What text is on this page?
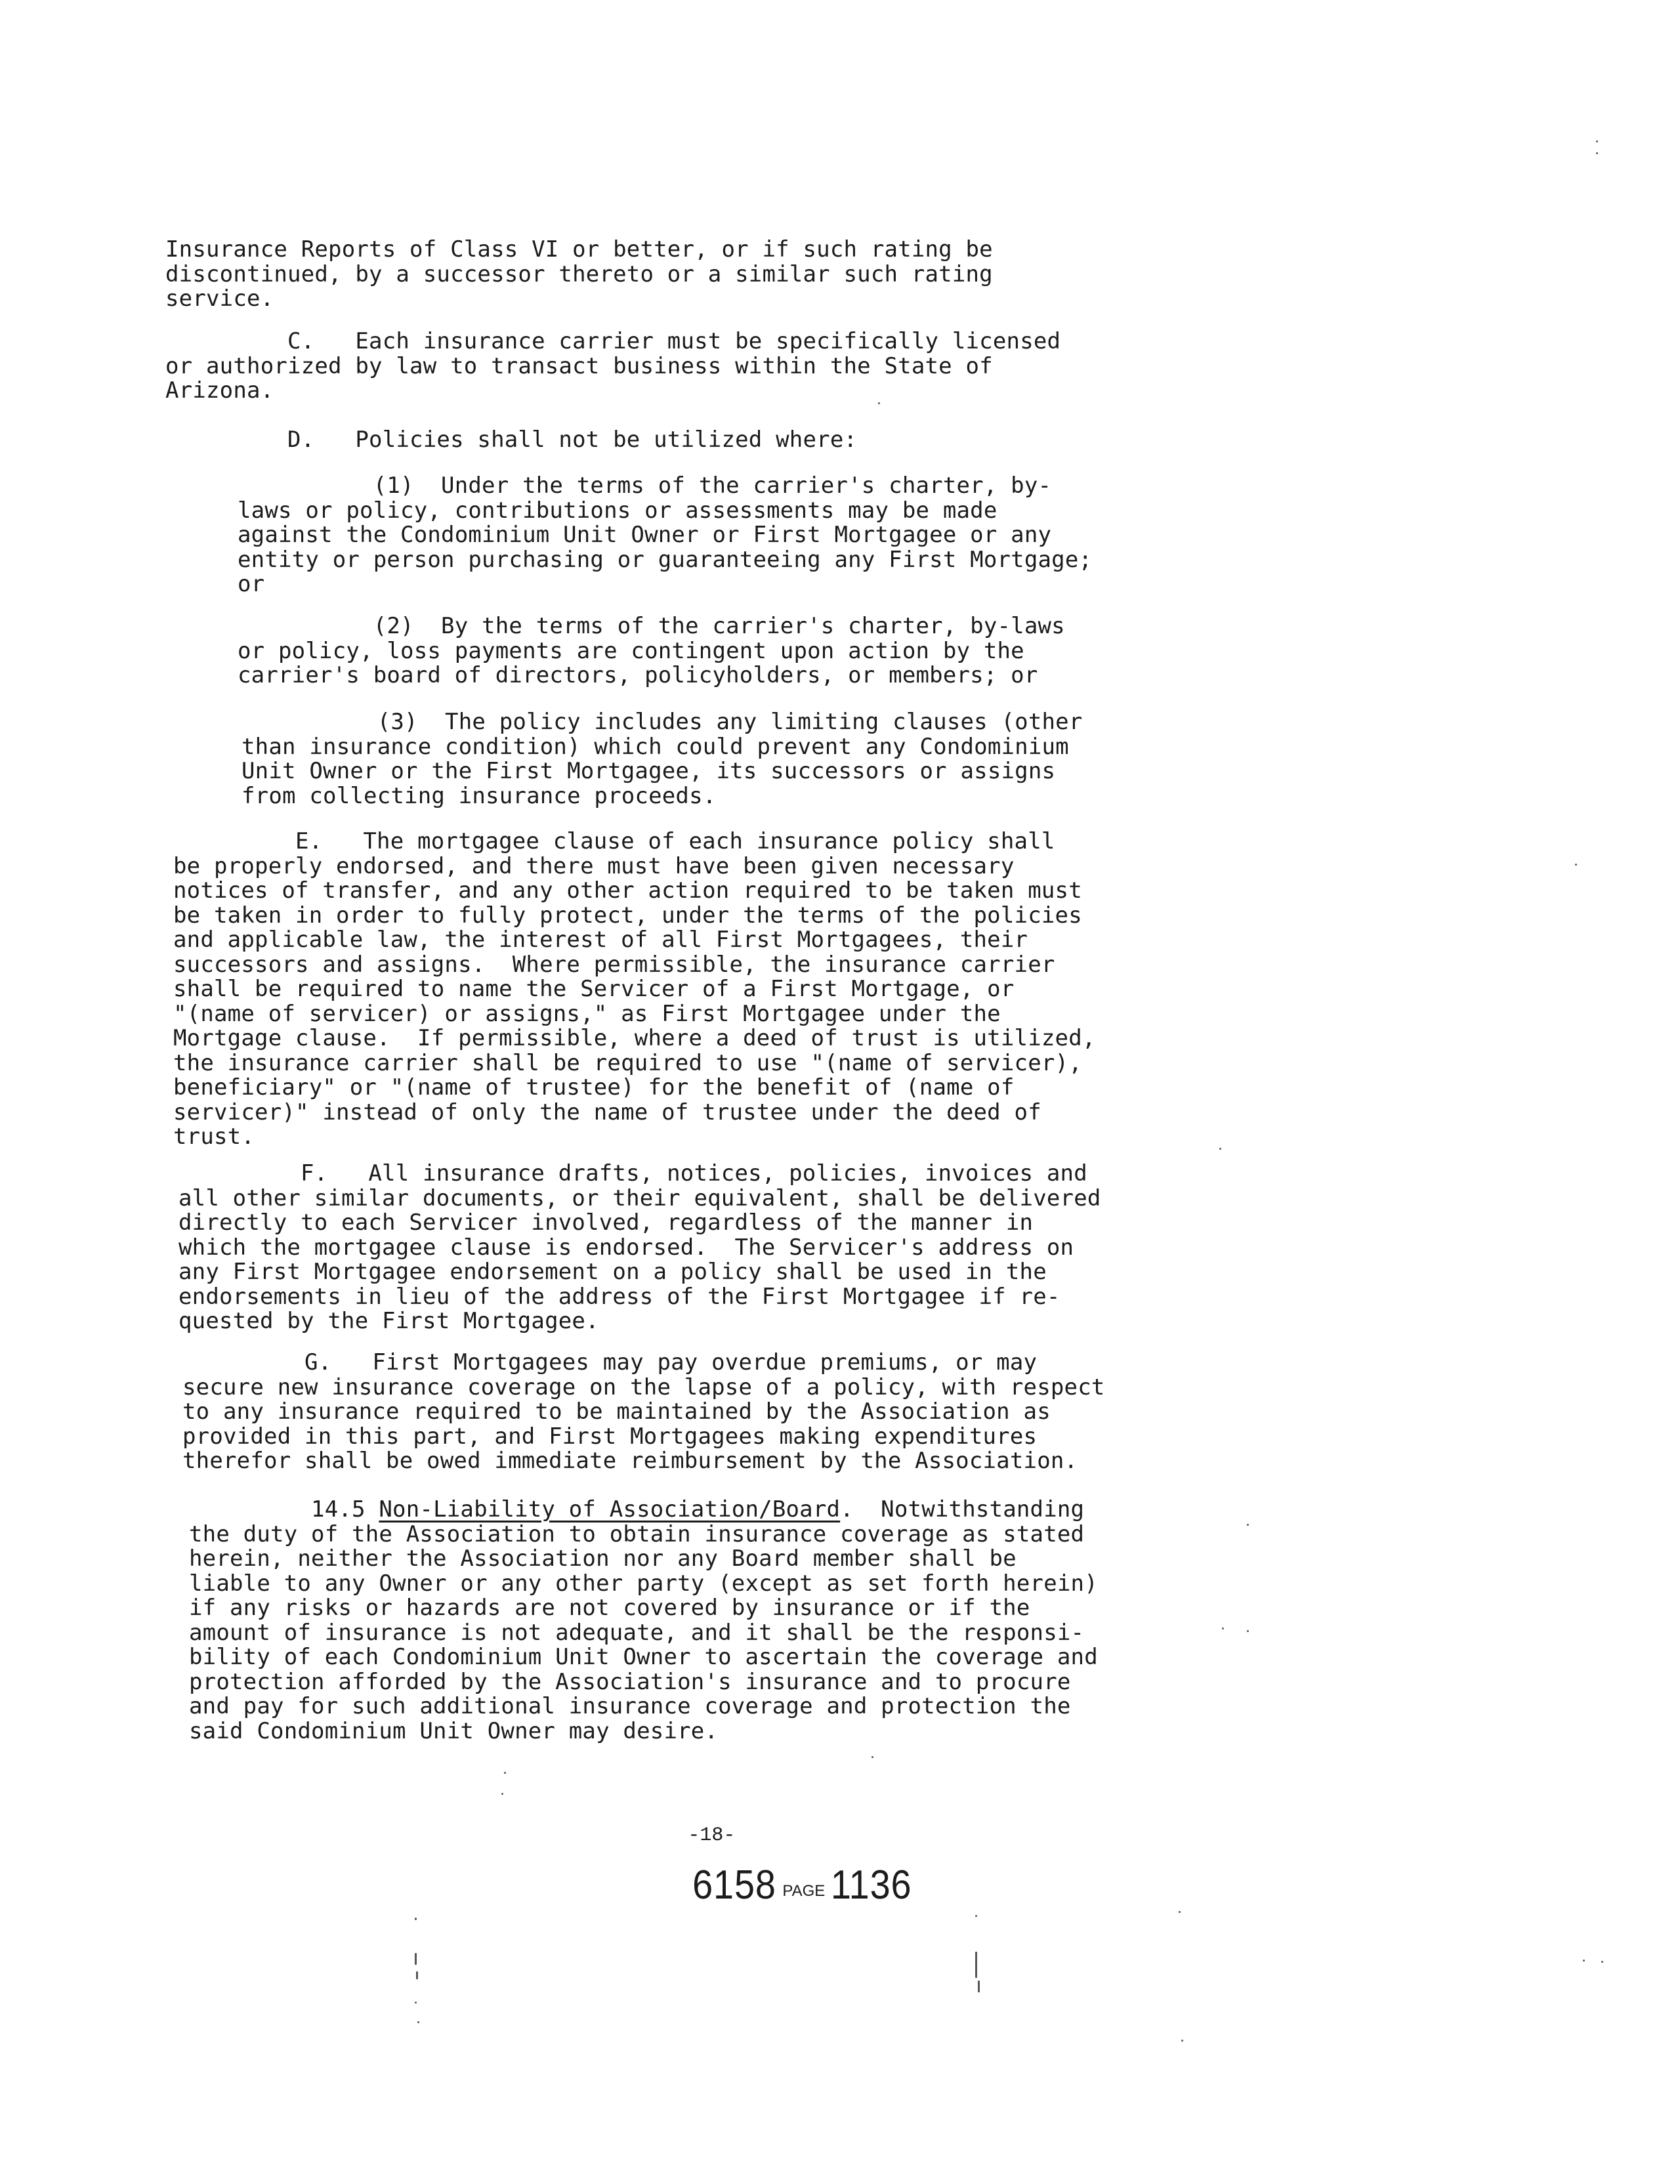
Insurance Reports of Class VI or better, or if such rating be
discontinued, by a successor thereto or a similar such rating
service.
C.   Each insurance carrier must be specifically licensed
or authorized by law to transact business within the State of
Arizona.
D.   Policies shall not be utilized where:
(1)  Under the terms of the carrier's charter, by-
laws or policy, contributions or assessments may be made
against the Condominium Unit Owner or First Mortgagee or any
entity or person purchasing or guaranteeing any First Mortgage;
or
(2)  By the terms of the carrier's charter, by-laws
or policy, loss payments are contingent upon action by the
carrier's board of directors, policyholders, or members; or
(3)  The policy includes any limiting clauses (other
than insurance condition) which could prevent any Condominium
Unit Owner or the First Mortgagee, its successors or assigns
from collecting insurance proceeds.
E.   The mortgagee clause of each insurance policy shall
be properly endorsed, and there must have been given necessary
notices of transfer, and any other action required to be taken must
be taken in order to fully protect, under the terms of the policies
and applicable law, the interest of all First Mortgagees, their
successors and assigns.  Where permissible, the insurance carrier
shall be required to name the Servicer of a First Mortgage, or
"(name of servicer) or assigns," as First Mortgagee under the
Mortgage clause.  If permissible, where a deed of trust is utilized,
the insurance carrier shall be required to use "(name of servicer),
beneficiary" or "(name of trustee) for the benefit of (name of
servicer)" instead of only the name of trustee under the deed of
trust.
F.   All insurance drafts, notices, policies, invoices and
all other similar documents, or their equivalent, shall be delivered
directly to each Servicer involved, regardless of the manner in
which the mortgagee clause is endorsed.  The Servicer's address on
any First Mortgagee endorsement on a policy shall be used in the
endorsements in lieu of the address of the First Mortgagee if re-
quested by the First Mortgagee.
G.   First Mortgagees may pay overdue premiums, or may
secure new insurance coverage on the lapse of a policy, with respect
to any insurance required to be maintained by the Association as
provided in this part, and First Mortgagees making expenditures
therefor shall be owed immediate reimbursement by the Association.
14.5 Non-Liability of Association/Board.  Notwithstanding
the duty of the Association to obtain insurance coverage as stated
herein, neither the Association nor any Board member shall be
liable to any Owner or any other party (except as set forth herein)
if any risks or hazards are not covered by insurance or if the
amount of insurance is not adequate, and it shall be the responsi-
bility of each Condominium Unit Owner to ascertain the coverage and
protection afforded by the Association's insurance and to procure
and pay for such additional insurance coverage and protection the
said Condominium Unit Owner may desire.

-18-
6158 PAGE 1136
